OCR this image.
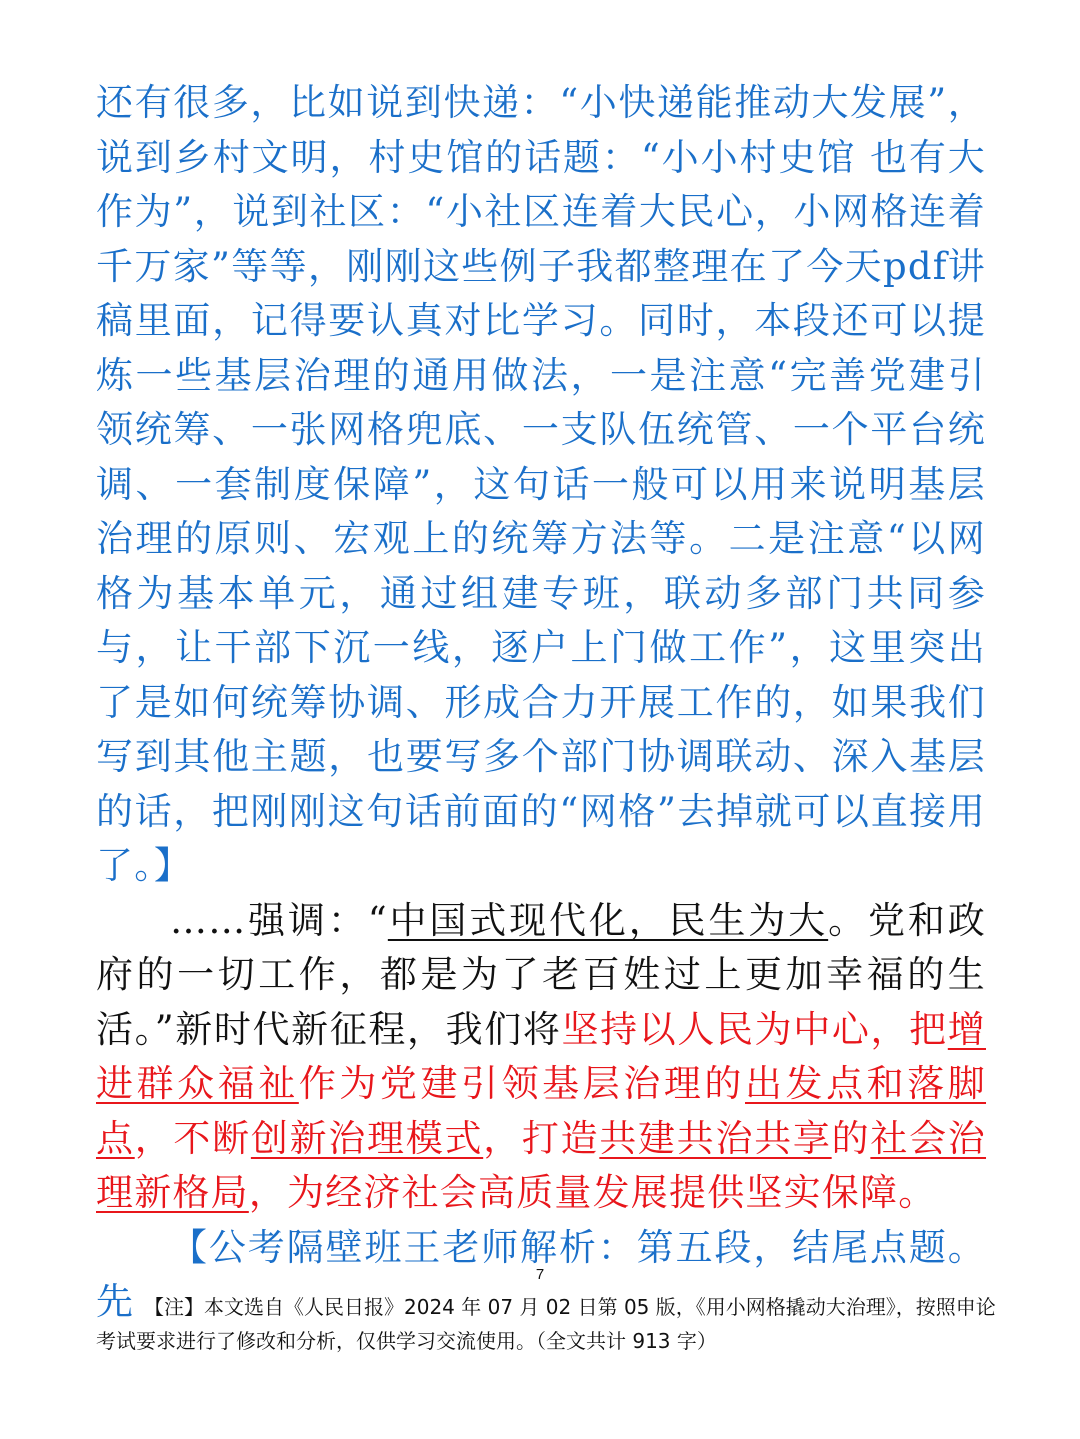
还有很多，比如说到快递：“小快递能推动大发展”，说到乡村文明，村史馆的话题：“小小村史馆 也有大作为”，说到社区：“小社区连着大民心，小网格连着千万家”等等，刚刚这些例子我都整理在了今天pdf讲稿里面，记得要认真对比学习。同时，本段还可以提炼一些基层治理的通用做法，一是注意“完善党建引领统筹、一张网格兜底、一支队伍统管、一个平台统调、一套制度保障”，这句话一般可以用来说明基层治理的原则、宏观上的统筹方法等。二是注意“以网格为基本单元，通过组建专班，联动多部门共同参与，让干部下沉一线，逐户上门做工作”，这里突出了是如何统筹协调、形成合力开展工作的，如果我们写到其他主题，也要写多个部门协调联动、深入基层的话，把刚刚这句话前面的“网格”去掉就可以直接用了。】

……强调：“中国式现代化，民生为大。党和政府的一切工作，都是为了老百姓过上更加幸福的生活。”新时代新征程，我们将坚持以人民为中心，把增进群众福祉作为党建引领基层治理的出发点和落脚点，不断创新治理模式，打造共建共治共享的社会治理新格局，为经济社会高质量发展提供坚实保障。

【公考隔壁班王老师解析：第五段，结尾点题。先

7

【注】本文选自《人民日报》2024 年 07 月 02 日第 05 版，《用小网格撬动大治理》，按照申论考试要求进行了修改和分析，仅供学习交流使用。（全文共计 913 字）
